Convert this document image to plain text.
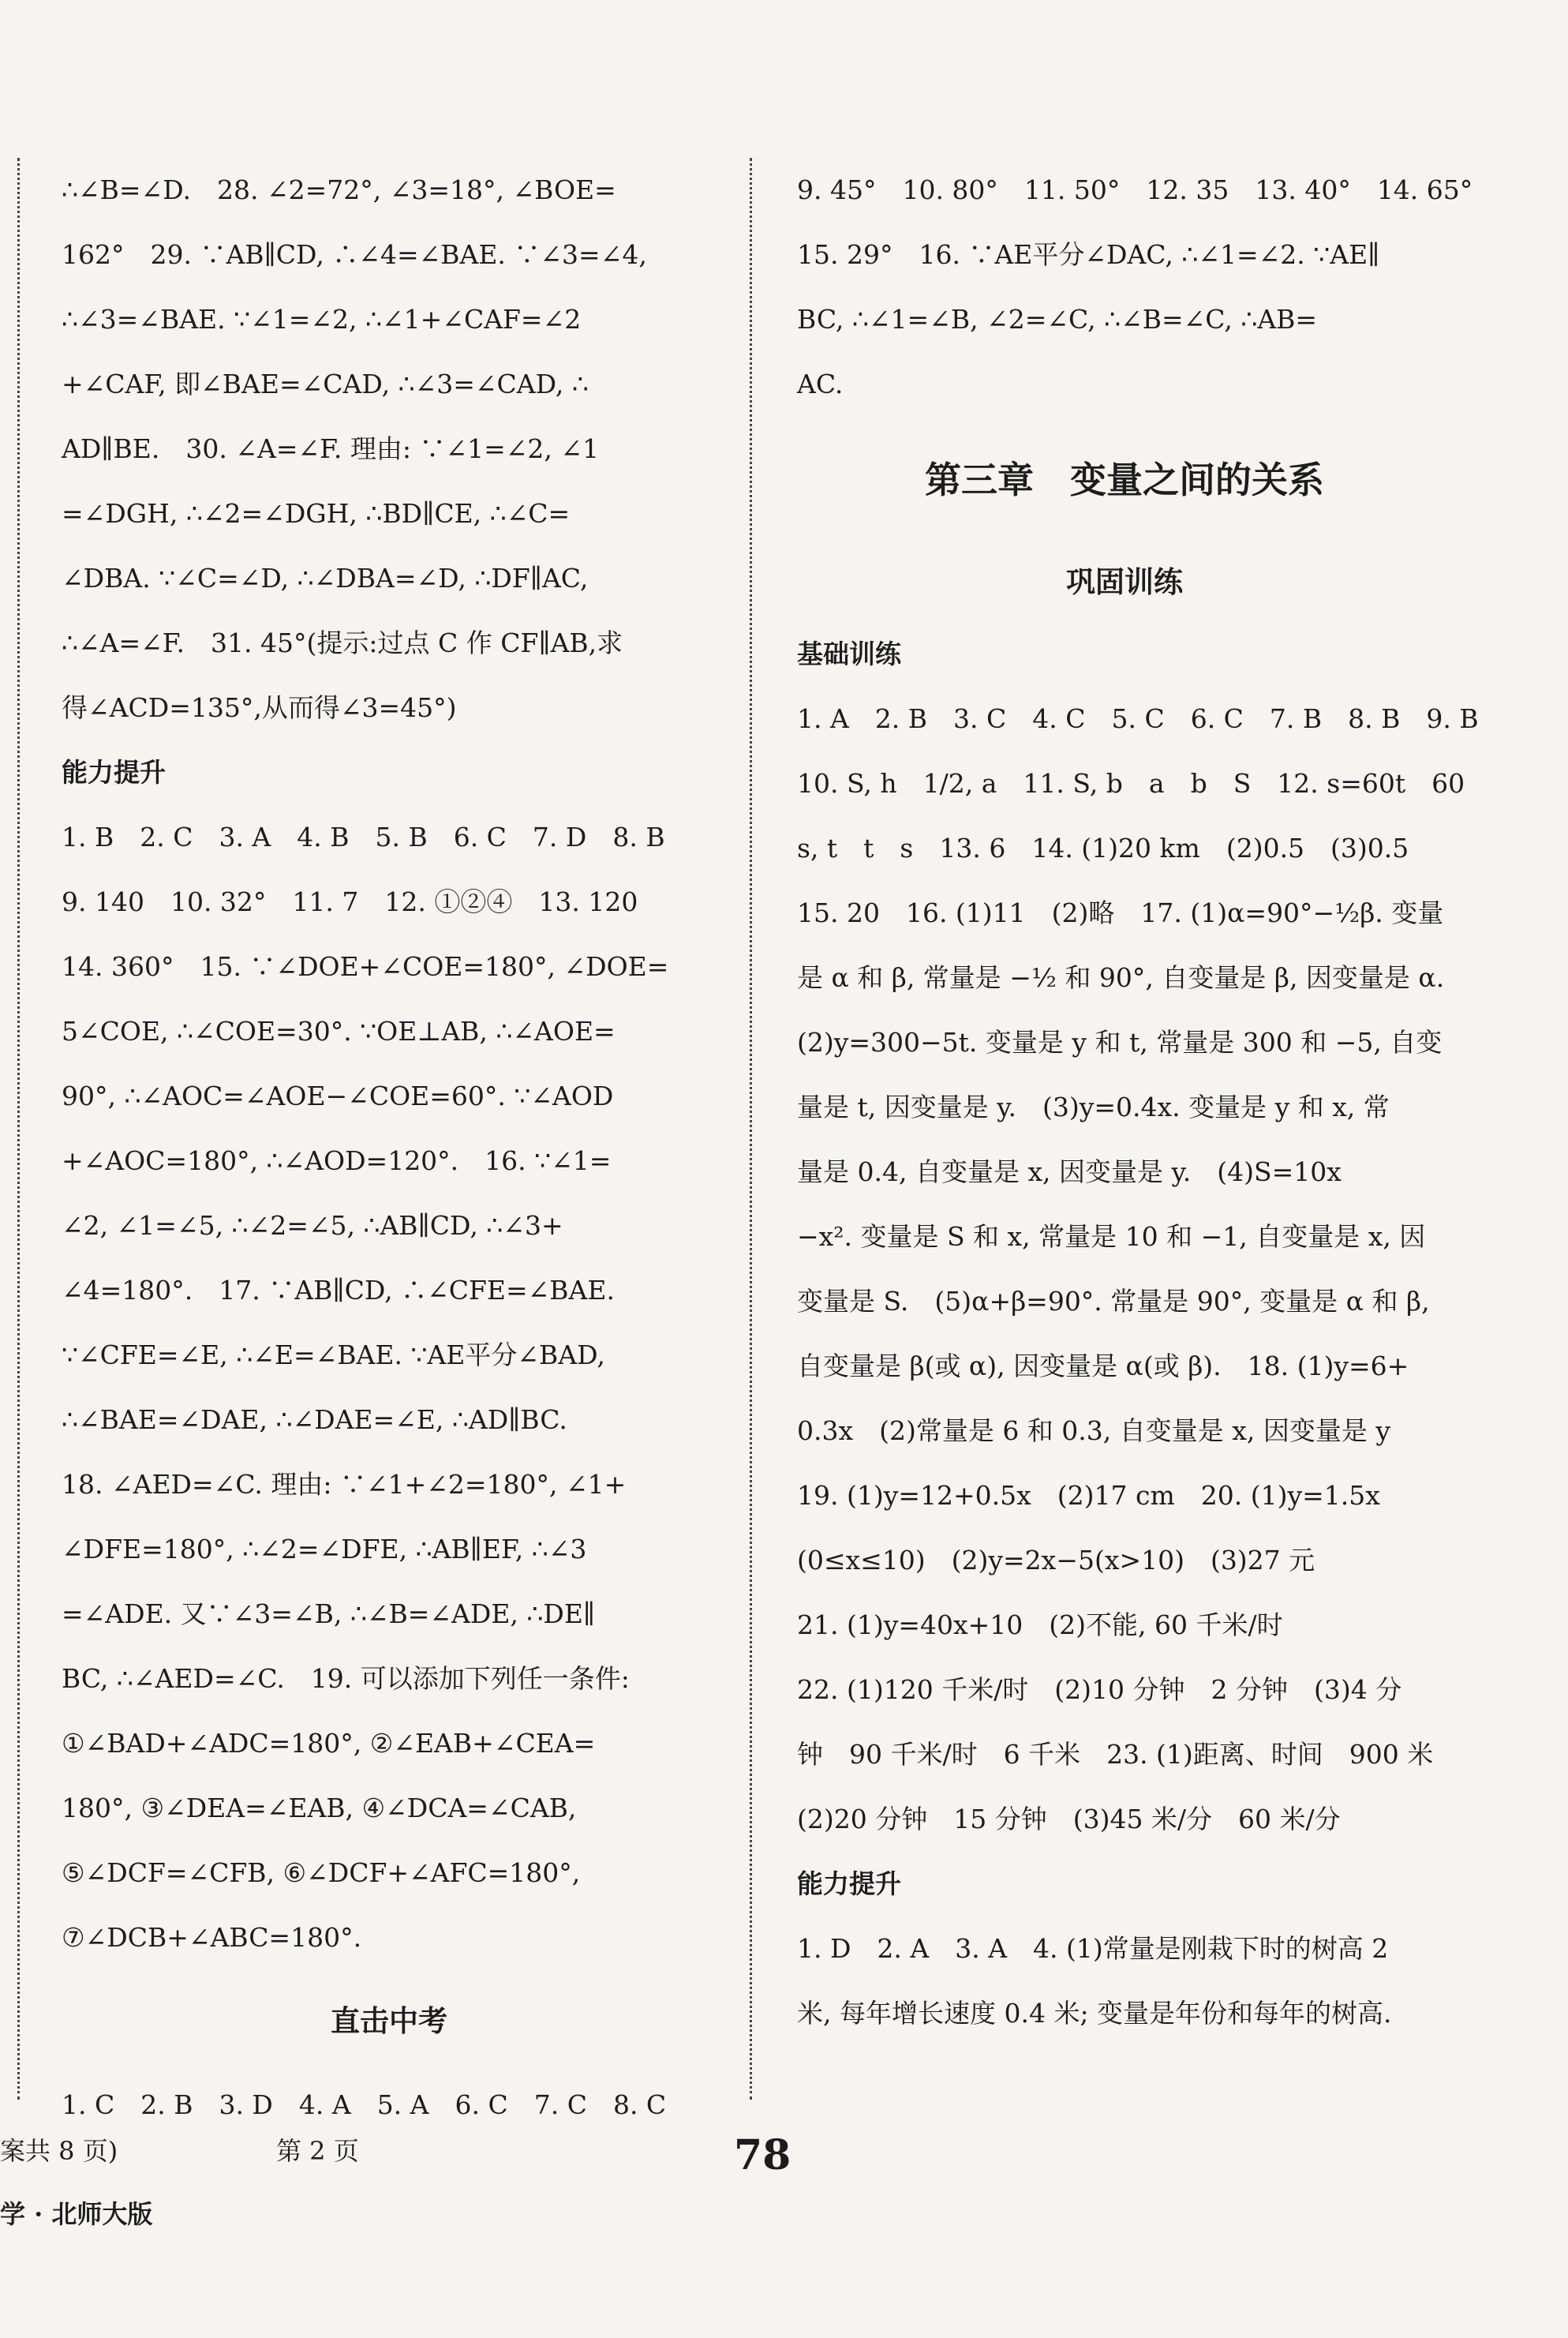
∴∠B=∠D.　28. ∠2=72°, ∠3=18°, ∠BOE=
162°　29. ∵AB∥CD, ∴∠4=∠BAE. ∵∠3=∠4,
∴∠3=∠BAE. ∵∠1=∠2, ∴∠1+∠CAF=∠2
+∠CAF, 即∠BAE=∠CAD, ∴∠3=∠CAD, ∴
AD∥BE.　30. ∠A=∠F. 理由: ∵∠1=∠2, ∠1
=∠DGH, ∴∠2=∠DGH, ∴BD∥CE, ∴∠C=
∠DBA. ∵∠C=∠D, ∴∠DBA=∠D, ∴DF∥AC,
∴∠A=∠F.　31. 45°(提示:过点 C 作 CF∥AB,求
得∠ACD=135°,从而得∠3=45°)

能力提升

1. B　2. C　3. A　4. B　5. B　6. C　7. D　8. B
9. 140　10. 32°　11. 7　12. ①②④　13. 120
14. 360°　15. ∵∠DOE+∠COE=180°, ∠DOE=
5∠COE, ∴∠COE=30°. ∵OE⊥AB, ∴∠AOE=
90°, ∴∠AOC=∠AOE−∠COE=60°. ∵∠AOD
+∠AOC=180°, ∴∠AOD=120°.　16. ∵∠1=
∠2, ∠1=∠5, ∴∠2=∠5, ∴AB∥CD, ∴∠3+
∠4=180°.　17. ∵AB∥CD, ∴∠CFE=∠BAE.
∵∠CFE=∠E, ∴∠E=∠BAE. ∵AE平分∠BAD,
∴∠BAE=∠DAE, ∴∠DAE=∠E, ∴AD∥BC.
18. ∠AED=∠C. 理由: ∵∠1+∠2=180°, ∠1+
∠DFE=180°, ∴∠2=∠DFE, ∴AB∥EF, ∴∠3
=∠ADE. 又∵∠3=∠B, ∴∠B=∠ADE, ∴DE∥
BC, ∴∠AED=∠C.　19. 可以添加下列任一条件:
①∠BAD+∠ADC=180°, ②∠EAB+∠CEA=
180°, ③∠DEA=∠EAB, ④∠DCA=∠CAB,
⑤∠DCF=∠CFB, ⑥∠DCF+∠AFC=180°,
⑦∠DCB+∠ABC=180°.

直击中考

1. C　2. B　3. D　4. A　5. A　6. C　7. C　8. C

9. 45°　10. 80°　11. 50°　12. 35　13. 40°　14. 65°
15. 29°　16. ∵AE平分∠DAC, ∴∠1=∠2. ∵AE∥
BC, ∴∠1=∠B, ∠2=∠C, ∴∠B=∠C, ∴AB=
AC.

第三章　变量之间的关系

巩固训练

基础训练

1. A　2. B　3. C　4. C　5. C　6. C　7. B　8. B　9. B
10. S, h　1/2, a　11. S, b　a　b　S　12. s=60t　60
s, t　t　s　13. 6　14. (1)20 km　(2)0.5　(3)0.5
15. 20　16. (1)11　(2)略　17. (1)α=90°−½β. 变量
是 α 和 β, 常量是 −½ 和 90°, 自变量是 β, 因变量是 α.
(2)y=300−5t. 变量是 y 和 t, 常量是 300 和 −5, 自变
量是 t, 因变量是 y.　(3)y=0.4x. 变量是 y 和 x, 常
量是 0.4, 自变量是 x, 因变量是 y.　(4)S=10x
−x². 变量是 S 和 x, 常量是 10 和 −1, 自变量是 x, 因
变量是 S.　(5)α+β=90°. 常量是 90°, 变量是 α 和 β,
自变量是 β(或 α), 因变量是 α(或 β).　18. (1)y=6+
0.3x　(2)常量是 6 和 0.3, 自变量是 x, 因变量是 y
19. (1)y=12+0.5x　(2)17 cm　20. (1)y=1.5x
(0≤x≤10)　(2)y=2x−5(x>10)　(3)27 元
21. (1)y=40x+10　(2)不能, 60 千米/时
22. (1)120 千米/时　(2)10 分钟　2 分钟　(3)4 分
钟　90 千米/时　6 千米　23. (1)距离、时间　900 米
(2)20 分钟　15 分钟　(3)45 米/分　60 米/分

能力提升

1. D　2. A　3. A　4. (1)常量是刚栽下时的树高 2
米, 每年增长速度 0.4 米; 变量是年份和每年的树高.

案共 8 页)	第 2 页
学 · 北师大版
78
